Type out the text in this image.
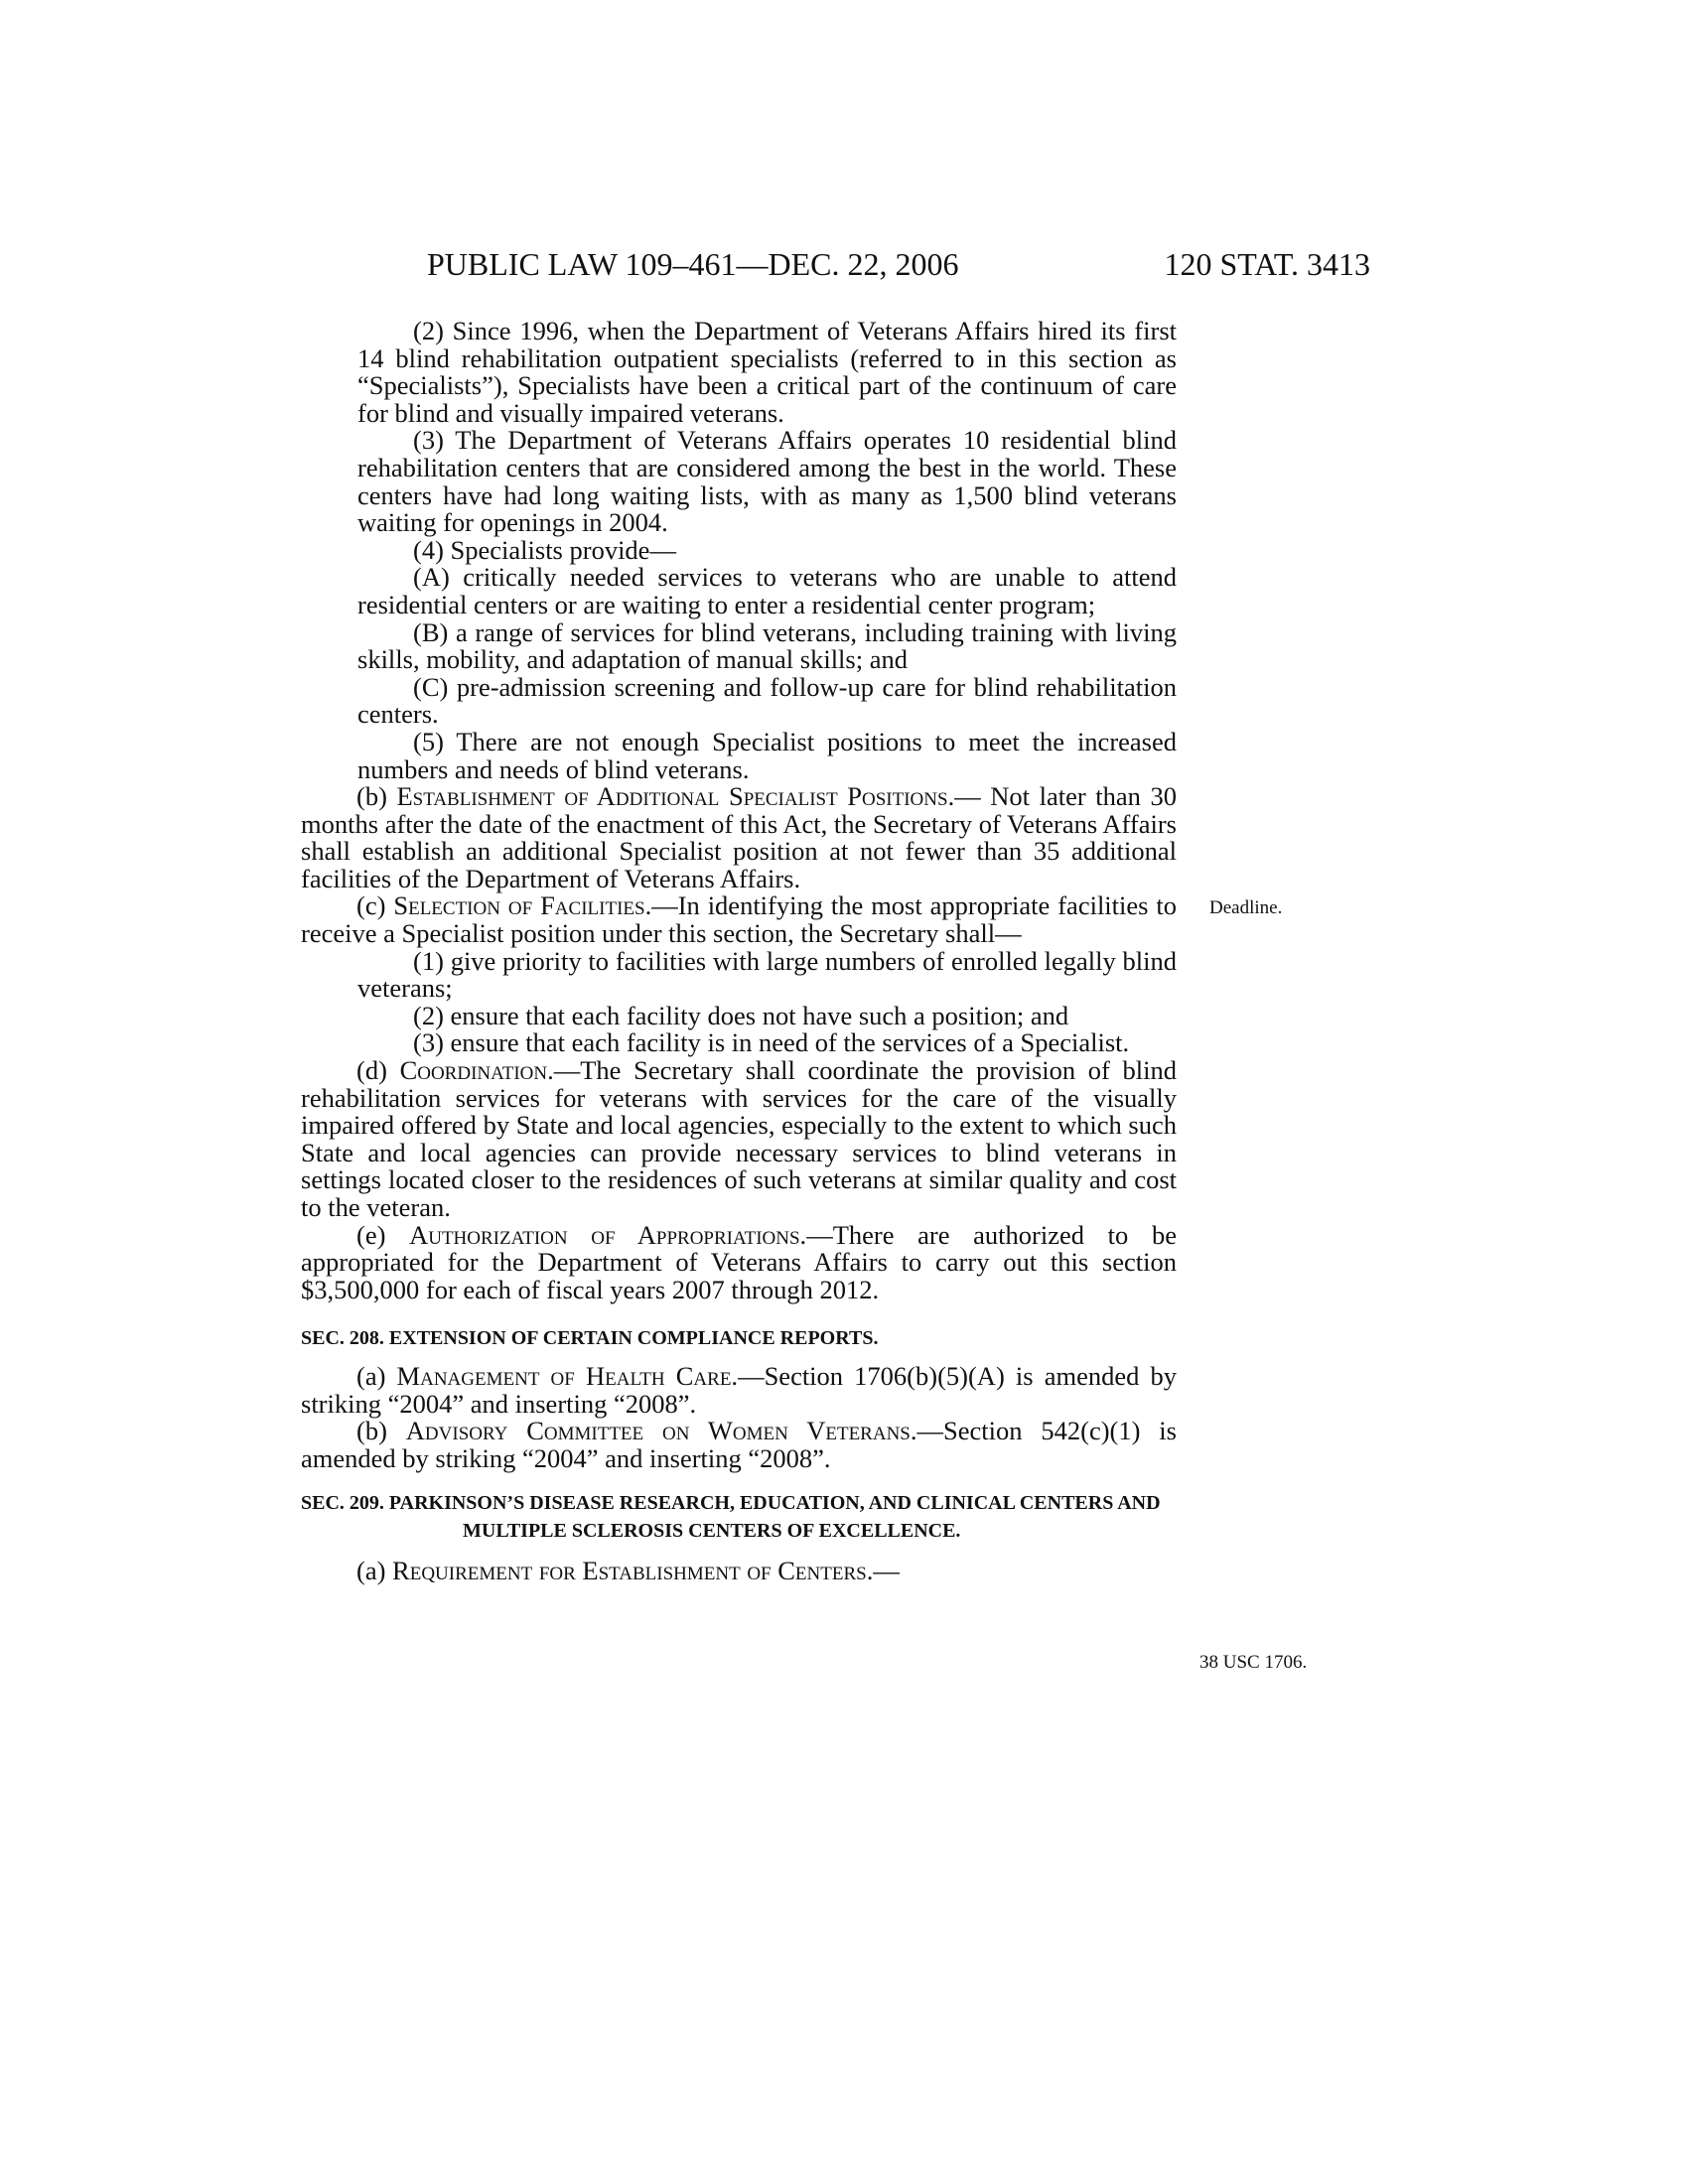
PUBLIC LAW 109–461—DEC. 22, 2006	120 STAT. 3413
Deadline.
38 USC 1706.

(2) Since 1996, when the Department of Veterans Affairs hired its first 14 blind rehabilitation outpatient specialists (referred to in this section as “Specialists”), Specialists have been a critical part of the continuum of care for blind and visually impaired veterans.

(3) The Department of Veterans Affairs operates 10 residential blind rehabilitation centers that are considered among the best in the world. These centers have had long waiting lists, with as many as 1,500 blind veterans waiting for openings in 2004.

(4) Specialists provide—

(A) critically needed services to veterans who are unable to attend residential centers or are waiting to enter a residential center program;

(B) a range of services for blind veterans, including training with living skills, mobility, and adaptation of manual skills; and

(C) pre-admission screening and follow-up care for blind rehabilitation centers.

(5) There are not enough Specialist positions to meet the increased numbers and needs of blind veterans.

(b) Establishment of Additional Specialist Positions.— Not later than 30 months after the date of the enactment of this Act, the Secretary of Veterans Affairs shall establish an additional Specialist position at not fewer than 35 additional facilities of the Department of Veterans Affairs.

(c) Selection of Facilities.—In identifying the most appropriate facilities to receive a Specialist position under this section, the Secretary shall—

(1) give priority to facilities with large numbers of enrolled legally blind veterans;

(2) ensure that each facility does not have such a position; and

(3) ensure that each facility is in need of the services of a Specialist.

(d) Coordination.—The Secretary shall coordinate the provision of blind rehabilitation services for veterans with services for the care of the visually impaired offered by State and local agencies, especially to the extent to which such State and local agencies can provide necessary services to blind veterans in settings located closer to the residences of such veterans at similar quality and cost to the veteran.

(e) Authorization of Appropriations.—There are authorized to be appropriated for the Department of Veterans Affairs to carry out this section $3,500,000 for each of fiscal years 2007 through 2012.

SEC. 208. EXTENSION OF CERTAIN COMPLIANCE REPORTS.

(a) Management of Health Care.—Section 1706(b)(5)(A) is amended by striking “2004” and inserting “2008”.

(b) Advisory Committee on Women Veterans.—Section 542(c)(1) is amended by striking “2004” and inserting “2008”.

SEC. 209. PARKINSON’S DISEASE RESEARCH, EDUCATION, AND CLINICAL CENTERS AND MULTIPLE SCLEROSIS CENTERS OF EXCELLENCE.

(a) Requirement for Establishment of Centers.—
